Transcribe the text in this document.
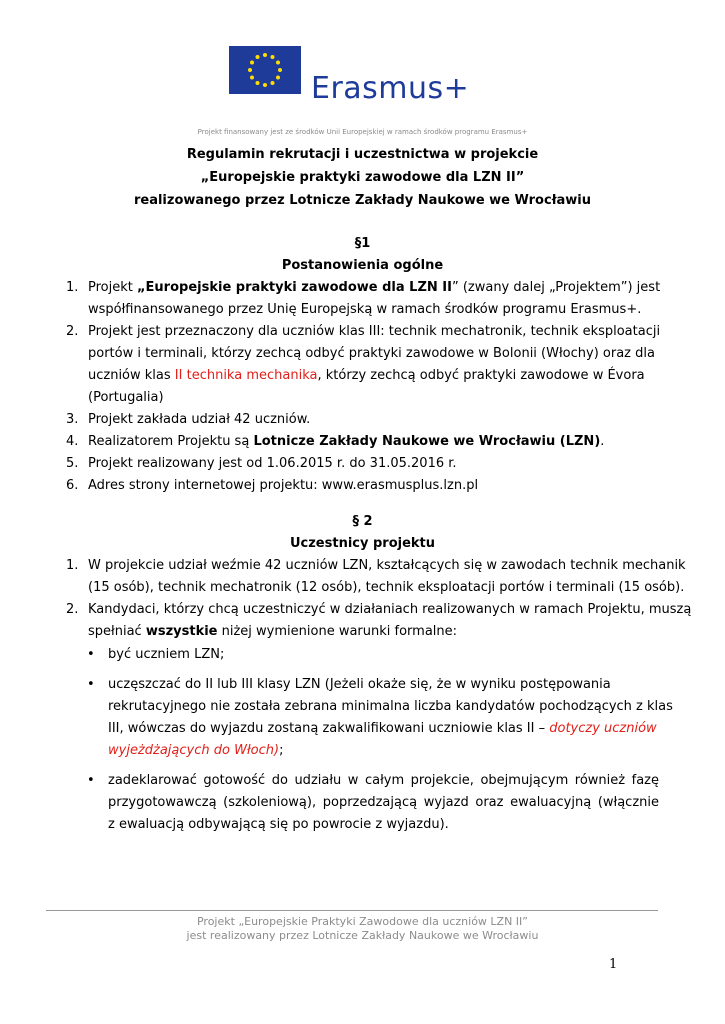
Erasmus+
Projekt finansowany jest ze środków Unii Europejskiej w ramach środków programu Erasmus+
Regulamin rekrutacji i uczestnictwa w projekcie
„Europejskie praktyki zawodowe dla LZN II”
realizowanego przez Lotnicze Zakłady Naukowe we Wrocławiu
§1
Postanowienia ogólne
1. Projekt „Europejskie praktyki zawodowe dla LZN II” (zwany dalej „Projektem”) jest
współfinansowanego przez Unię Europejską w ramach środków programu Erasmus+.
2. Projekt jest przeznaczony dla uczniów klas III: technik mechatronik, technik eksploatacji
portów i terminali, którzy zechcą odbyć praktyki zawodowe w Bolonii (Włochy) oraz dla
uczniów klas II technika mechanika, którzy zechcą odbyć praktyki zawodowe w Évora
(Portugalia)
3. Projekt zakłada udział 42 uczniów.
4. Realizatorem Projektu są Lotnicze Zakłady Naukowe we Wrocławiu (LZN).
5. Projekt realizowany jest od 1.06.2015 r. do 31.05.2016 r.
6. Adres strony internetowej projektu: www.erasmusplus.lzn.pl
§ 2
Uczestnicy projektu
1. W projekcie udział weźmie 42 uczniów LZN, kształcących się w zawodach technik mechanik
(15 osób), technik mechatronik (12 osób), technik eksploatacji portów i terminali (15 osób).
2. Kandydaci, którzy chcą uczestniczyć w działaniach realizowanych w ramach Projektu, muszą
spełniać wszystkie niżej wymienione warunki formalne:
• być uczniem LZN;
• uczęszczać do II lub III klasy LZN (Jeżeli okaże się, że w wyniku postępowania
rekrutacyjnego nie została zebrana minimalna liczba kandydatów pochodzących z klas
III, wówczas do wyjazdu zostaną zakwalifikowani uczniowie klas II – dotyczy uczniów
wyjeżdżających do Włoch);
• zadeklarować gotowość do udziału w całym projekcie, obejmującym również fazę
przygotowawczą (szkoleniową), poprzedzającą wyjazd oraz ewaluacyjną (włącznie
z ewaluacją odbywającą się po powrocie z wyjazdu).
Projekt „Europejskie Praktyki Zawodowe dla uczniów LZN II”
jest realizowany przez Lotnicze Zakłady Naukowe we Wrocławiu
1
